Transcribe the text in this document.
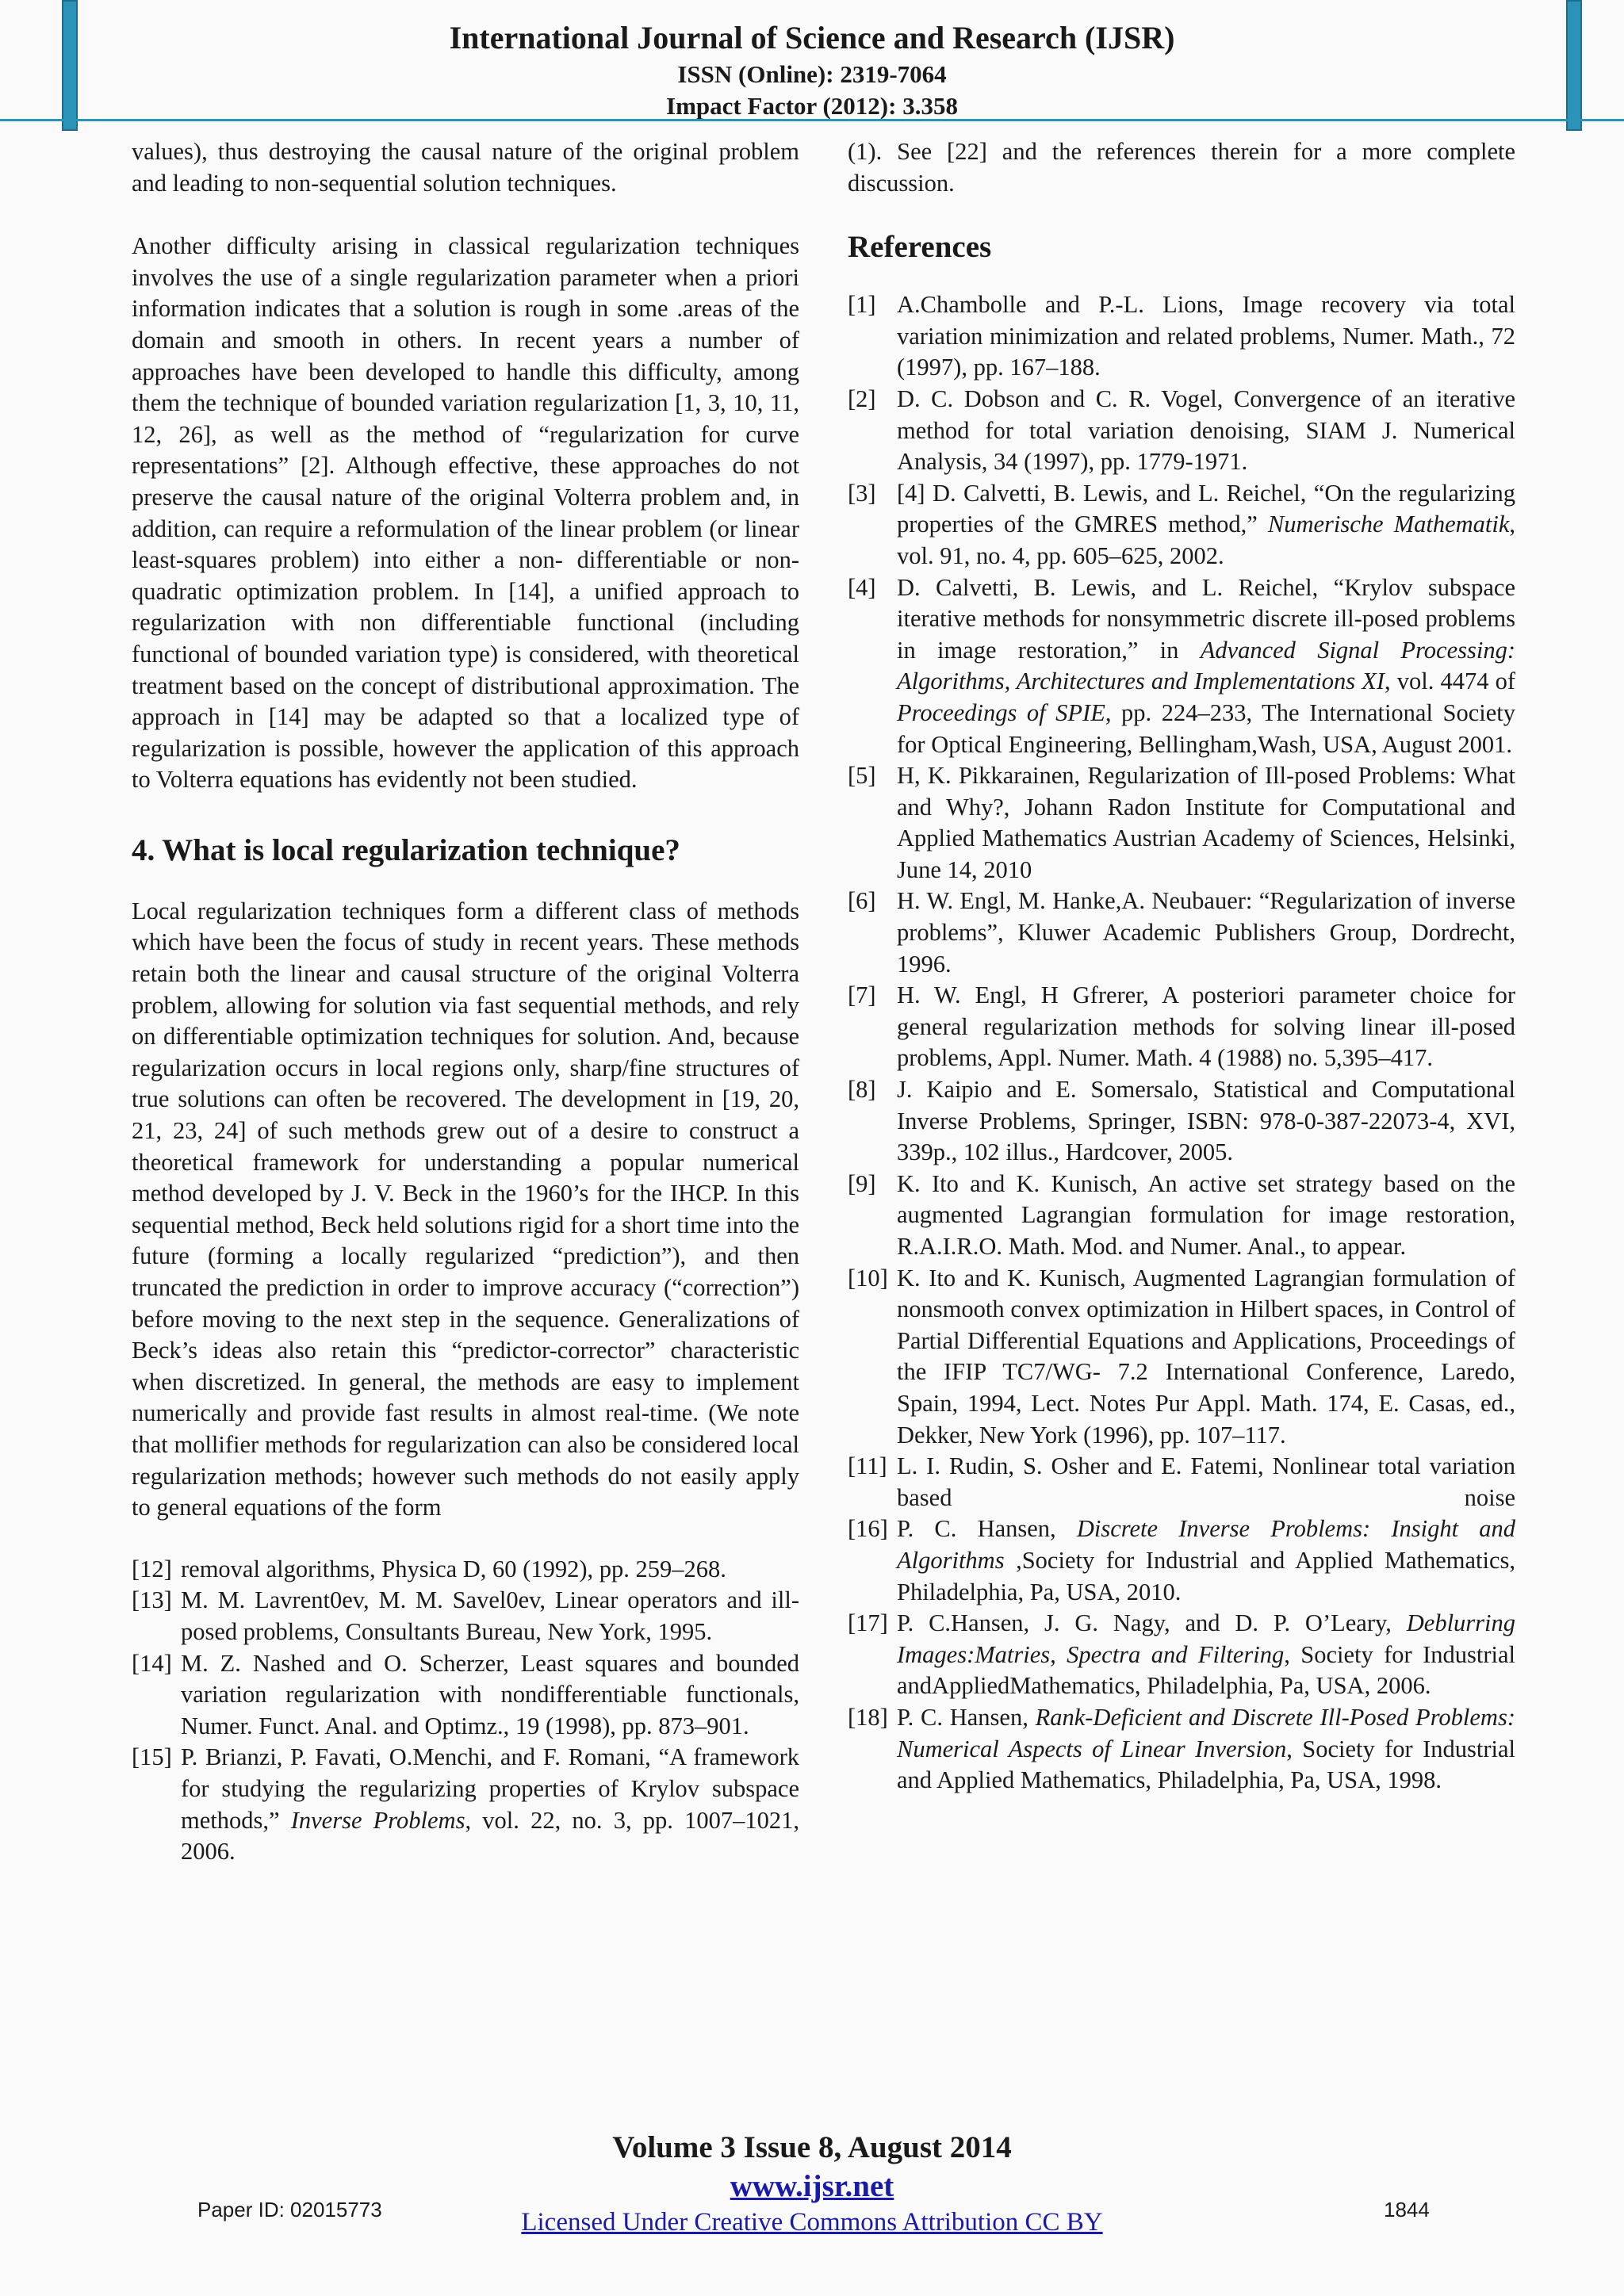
International Journal of Science and Research (IJSR)
ISSN (Online): 2319-7064
Impact Factor (2012): 3.358

values), thus destroying the causal nature of the original problem and leading to non-sequential solution techniques.

Another difficulty arising in classical regularization techniques involves the use of a single regularization parameter when a priori information indicates that a solution is rough in some .areas of the domain and smooth in others. In recent years a number of approaches have been developed to handle this difficulty, among them the technique of bounded variation regularization [1, 3, 10, 11, 12, 26], as well as the method of “regularization for curve representations” [2]. Although effective, these approaches do not preserve the causal nature of the original Volterra problem and, in addition, can require a reformulation of the linear problem (or linear least-squares problem) into either a non- differentiable or non- quadratic optimization problem. In [14], a unified approach to regularization with non differentiable functional (including functional of bounded variation type) is considered, with theoretical treatment based on the concept of distributional approximation. The approach in [14] may be adapted so that a localized type of regularization is possible, however the application of this approach to Volterra equations has evidently not been studied.

4. What is local regularization technique?

Local regularization techniques form a different class of methods which have been the focus of study in recent years. These methods retain both the linear and causal structure of the original Volterra problem, allowing for solution via fast sequential methods, and rely on differentiable optimization techniques for solution. And, because regularization occurs in local regions only, sharp/fine structures of true solutions can often be recovered. The development in [19, 20, 21, 23, 24] of such methods grew out of a desire to construct a theoretical framework for understanding a popular numerical method developed by J. V. Beck in the 1960’s for the IHCP. In this sequential method, Beck held solutions rigid for a short time into the future (forming a locally regularized “prediction”), and then truncated the prediction in order to improve accuracy (“correction”) before moving to the next step in the sequence. Generalizations of Beck’s ideas also retain this “predictor-corrector” characteristic when discretized. In general, the methods are easy to implement numerically and provide fast results in almost real-time. (We note that mollifier methods for regularization can also be considered local regularization methods; however such methods do not easily apply to general equations of the form

[12] removal algorithms, Physica D, 60 (1992), pp. 259–268.
[13] M. M. Lavrent0ev, M. M. Savel0ev, Linear operators and ill-posed problems, Consultants Bureau, New York, 1995.
[14] M. Z. Nashed and O. Scherzer, Least squares and bounded variation regularization with nondifferentiable functionals, Numer. Funct. Anal. and Optimz., 19 (1998), pp. 873–901.
[15] P. Brianzi, P. Favati, O.Menchi, and F. Romani, “A framework for studying the regularizing properties of Krylov subspace methods,” Inverse Problems, vol. 22, no. 3, pp. 1007–1021, 2006.

(1). See [22] and the references therein for a more complete discussion.

References
[1] A.Chambolle and P.-L. Lions, Image recovery via total variation minimization and related problems, Numer. Math., 72 (1997), pp. 167–188.
[2] D. C. Dobson and C. R. Vogel, Convergence of an iterative method for total variation denoising, SIAM J. Numerical Analysis, 34 (1997), pp. 1779-1971.
[3] [4] D. Calvetti, B. Lewis, and L. Reichel, “On the regularizing properties of the GMRES method,” Numerische Mathematik, vol. 91, no. 4, pp. 605–625, 2002.
[4] D. Calvetti, B. Lewis, and L. Reichel, “Krylov subspace iterative methods for nonsymmetric discrete ill-posed problems in image restoration,” in Advanced Signal Processing: Algorithms, Architectures and Implementations XI, vol. 4474 of Proceedings of SPIE, pp. 224–233, The International Society for Optical Engineering, Bellingham,Wash, USA, August 2001.
[5] H, K. Pikkarainen, Regularization of Ill-posed Problems: What and Why?, Johann Radon Institute for Computational and Applied Mathematics Austrian Academy of Sciences, Helsinki, June 14, 2010
[6] H. W. Engl, M. Hanke,A. Neubauer: “Regularization of inverse problems”, Kluwer Academic Publishers Group, Dordrecht, 1996.
[7] H. W. Engl, H Gfrerer, A posteriori parameter choice for general regularization methods for solving linear ill-posed problems, Appl. Numer. Math. 4 (1988) no. 5,395–417.
[8] J. Kaipio and E. Somersalo, Statistical and Computational Inverse Problems, Springer, ISBN: 978-0-387-22073-4, XVI, 339p., 102 illus., Hardcover, 2005.
[9] K. Ito and K. Kunisch, An active set strategy based on the augmented Lagrangian formulation for image restoration, R.A.I.R.O. Math. Mod. and Numer. Anal., to appear.
[10] K. Ito and K. Kunisch, Augmented Lagrangian formulation of nonsmooth convex optimization in Hilbert spaces, in Control of Partial Differential Equations and Applications, Proceedings of the IFIP TC7/WG- 7.2 International Conference, Laredo, Spain, 1994, Lect. Notes Pur Appl. Math. 174, E. Casas, ed., Dekker, New York (1996), pp. 107–117.
[11] L. I. Rudin, S. Osher and E. Fatemi, Nonlinear total variation based noise
[16] P. C. Hansen, Discrete Inverse Problems: Insight and Algorithms ,Society for Industrial and Applied Mathematics, Philadelphia, Pa, USA, 2010.
[17] P. C.Hansen, J. G. Nagy, and D. P. O’Leary, Deblurring Images:Matries, Spectra and Filtering, Society for Industrial andAppliedMathematics, Philadelphia, Pa, USA, 2006.
[18] P. C. Hansen, Rank-Deficient and Discrete Ill-Posed Problems: Numerical Aspects of Linear Inversion, Society for Industrial and Applied Mathematics, Philadelphia, Pa, USA, 1998.
Volume 3 Issue 8, August 2014
www.ijsr.net
Licensed Under Creative Commons Attribution CC BY
Paper ID: 02015773	1844
